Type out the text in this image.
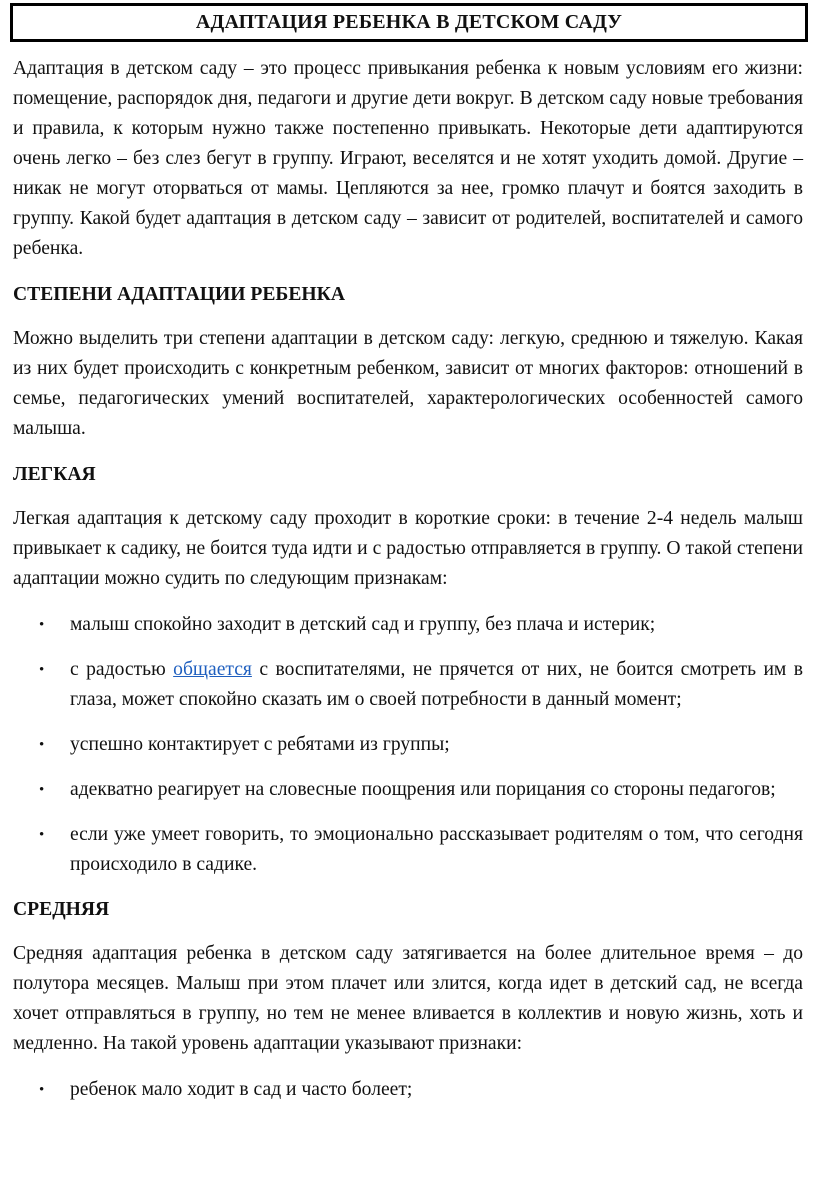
АДАПТАЦИЯ РЕБЕНКА В ДЕТСКОМ САДУ

Адаптация в детском саду – это процесс привыкания ребенка к новым условиям его жизни: помещение, распорядок дня, педагоги и другие дети вокруг. В детском саду новые требования и правила, к которым нужно также постепенно привыкать. Некоторые дети адаптируются очень легко – без слез бегут в группу. Играют, веселятся и не хотят уходить домой. Другие – никак не могут оторваться от мамы. Цепляются за нее, громко плачут и боятся заходить в группу. Какой будет адаптация в детском саду – зависит от родителей, воспитателей и самого ребенка.

СТЕПЕНИ АДАПТАЦИИ РЕБЕНКА

Можно выделить три степени адаптации в детском саду: легкую, среднюю и тяжелую. Какая из них будет происходить с конкретным ребенком, зависит от многих факторов: отношений в семье, педагогических умений воспитателей, характерологических особенностей самого малыша.

ЛЕГКАЯ

Легкая адаптация к детскому саду проходит в короткие сроки: в течение 2-4 недель малыш привыкает к садику, не боится туда идти и с радостью отправляется в группу. О такой степени адаптации можно судить по следующим признакам:

• малыш спокойно заходит в детский сад и группу, без плача и истерик;
• с радостью общается с воспитателями, не прячется от них, не боится смотреть им в глаза, может спокойно сказать им о своей потребности в данный момент;
• успешно контактирует с ребятами из группы;
• адекватно реагирует на словесные поощрения или порицания со стороны педагогов;
• если уже умеет говорить, то эмоционально рассказывает родителям о том, что сегодня происходило в садике.
СРЕДНЯЯ

Средняя адаптация ребенка в детском саду затягивается на более длительное время – до полутора месяцев. Малыш при этом плачет или злится, когда идет в детский сад, не всегда хочет отправляться в группу, но тем не менее вливается в коллектив и новую жизнь, хоть и медленно. На такой уровень адаптации указывают признаки:

• ребенок мало ходит в сад и часто болеет;
